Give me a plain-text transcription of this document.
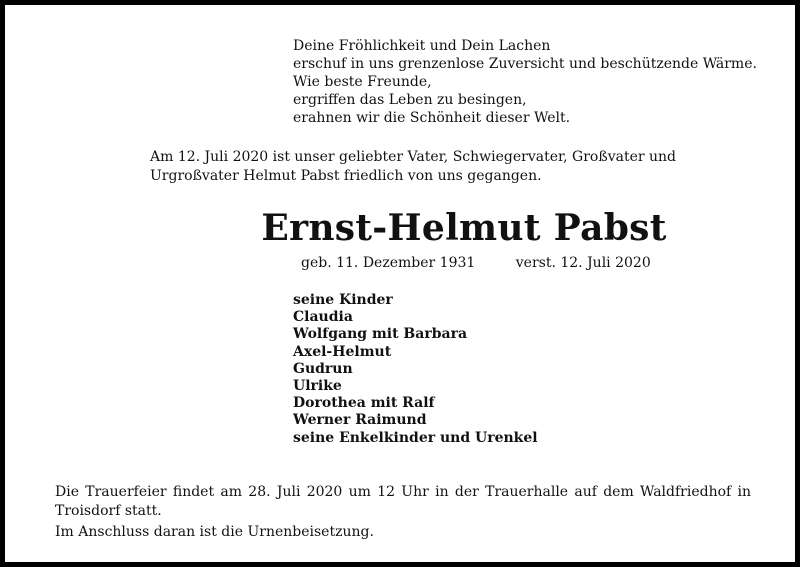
Deine Fröhlichkeit und Dein Lachen
erschuf in uns grenzenlose Zuversicht und beschützende Wärme.
Wie beste Freunde,
ergriffen das Leben zu besingen,
erahnen wir die Schönheit dieser Welt.
Am 12. Juli 2020 ist unser geliebter Vater, Schwiegervater, Großvater und Urgroßvater Helmut Pabst friedlich von uns gegangen.
Ernst-Helmut Pabst
geb. 11. Dezember 1931	verst. 12. Juli 2020
seine Kinder
Claudia
Wolfgang mit Barbara
Axel-Helmut
Gudrun
Ulrike
Dorothea mit Ralf
Werner Raimund
seine Enkelkinder und Urenkel
Die Trauerfeier findet am 28. Juli 2020 um 12 Uhr in der Trauerhalle auf dem Waldfriedhof in Troisdorf statt.
Im Anschluss daran ist die Urnenbeisetzung.
